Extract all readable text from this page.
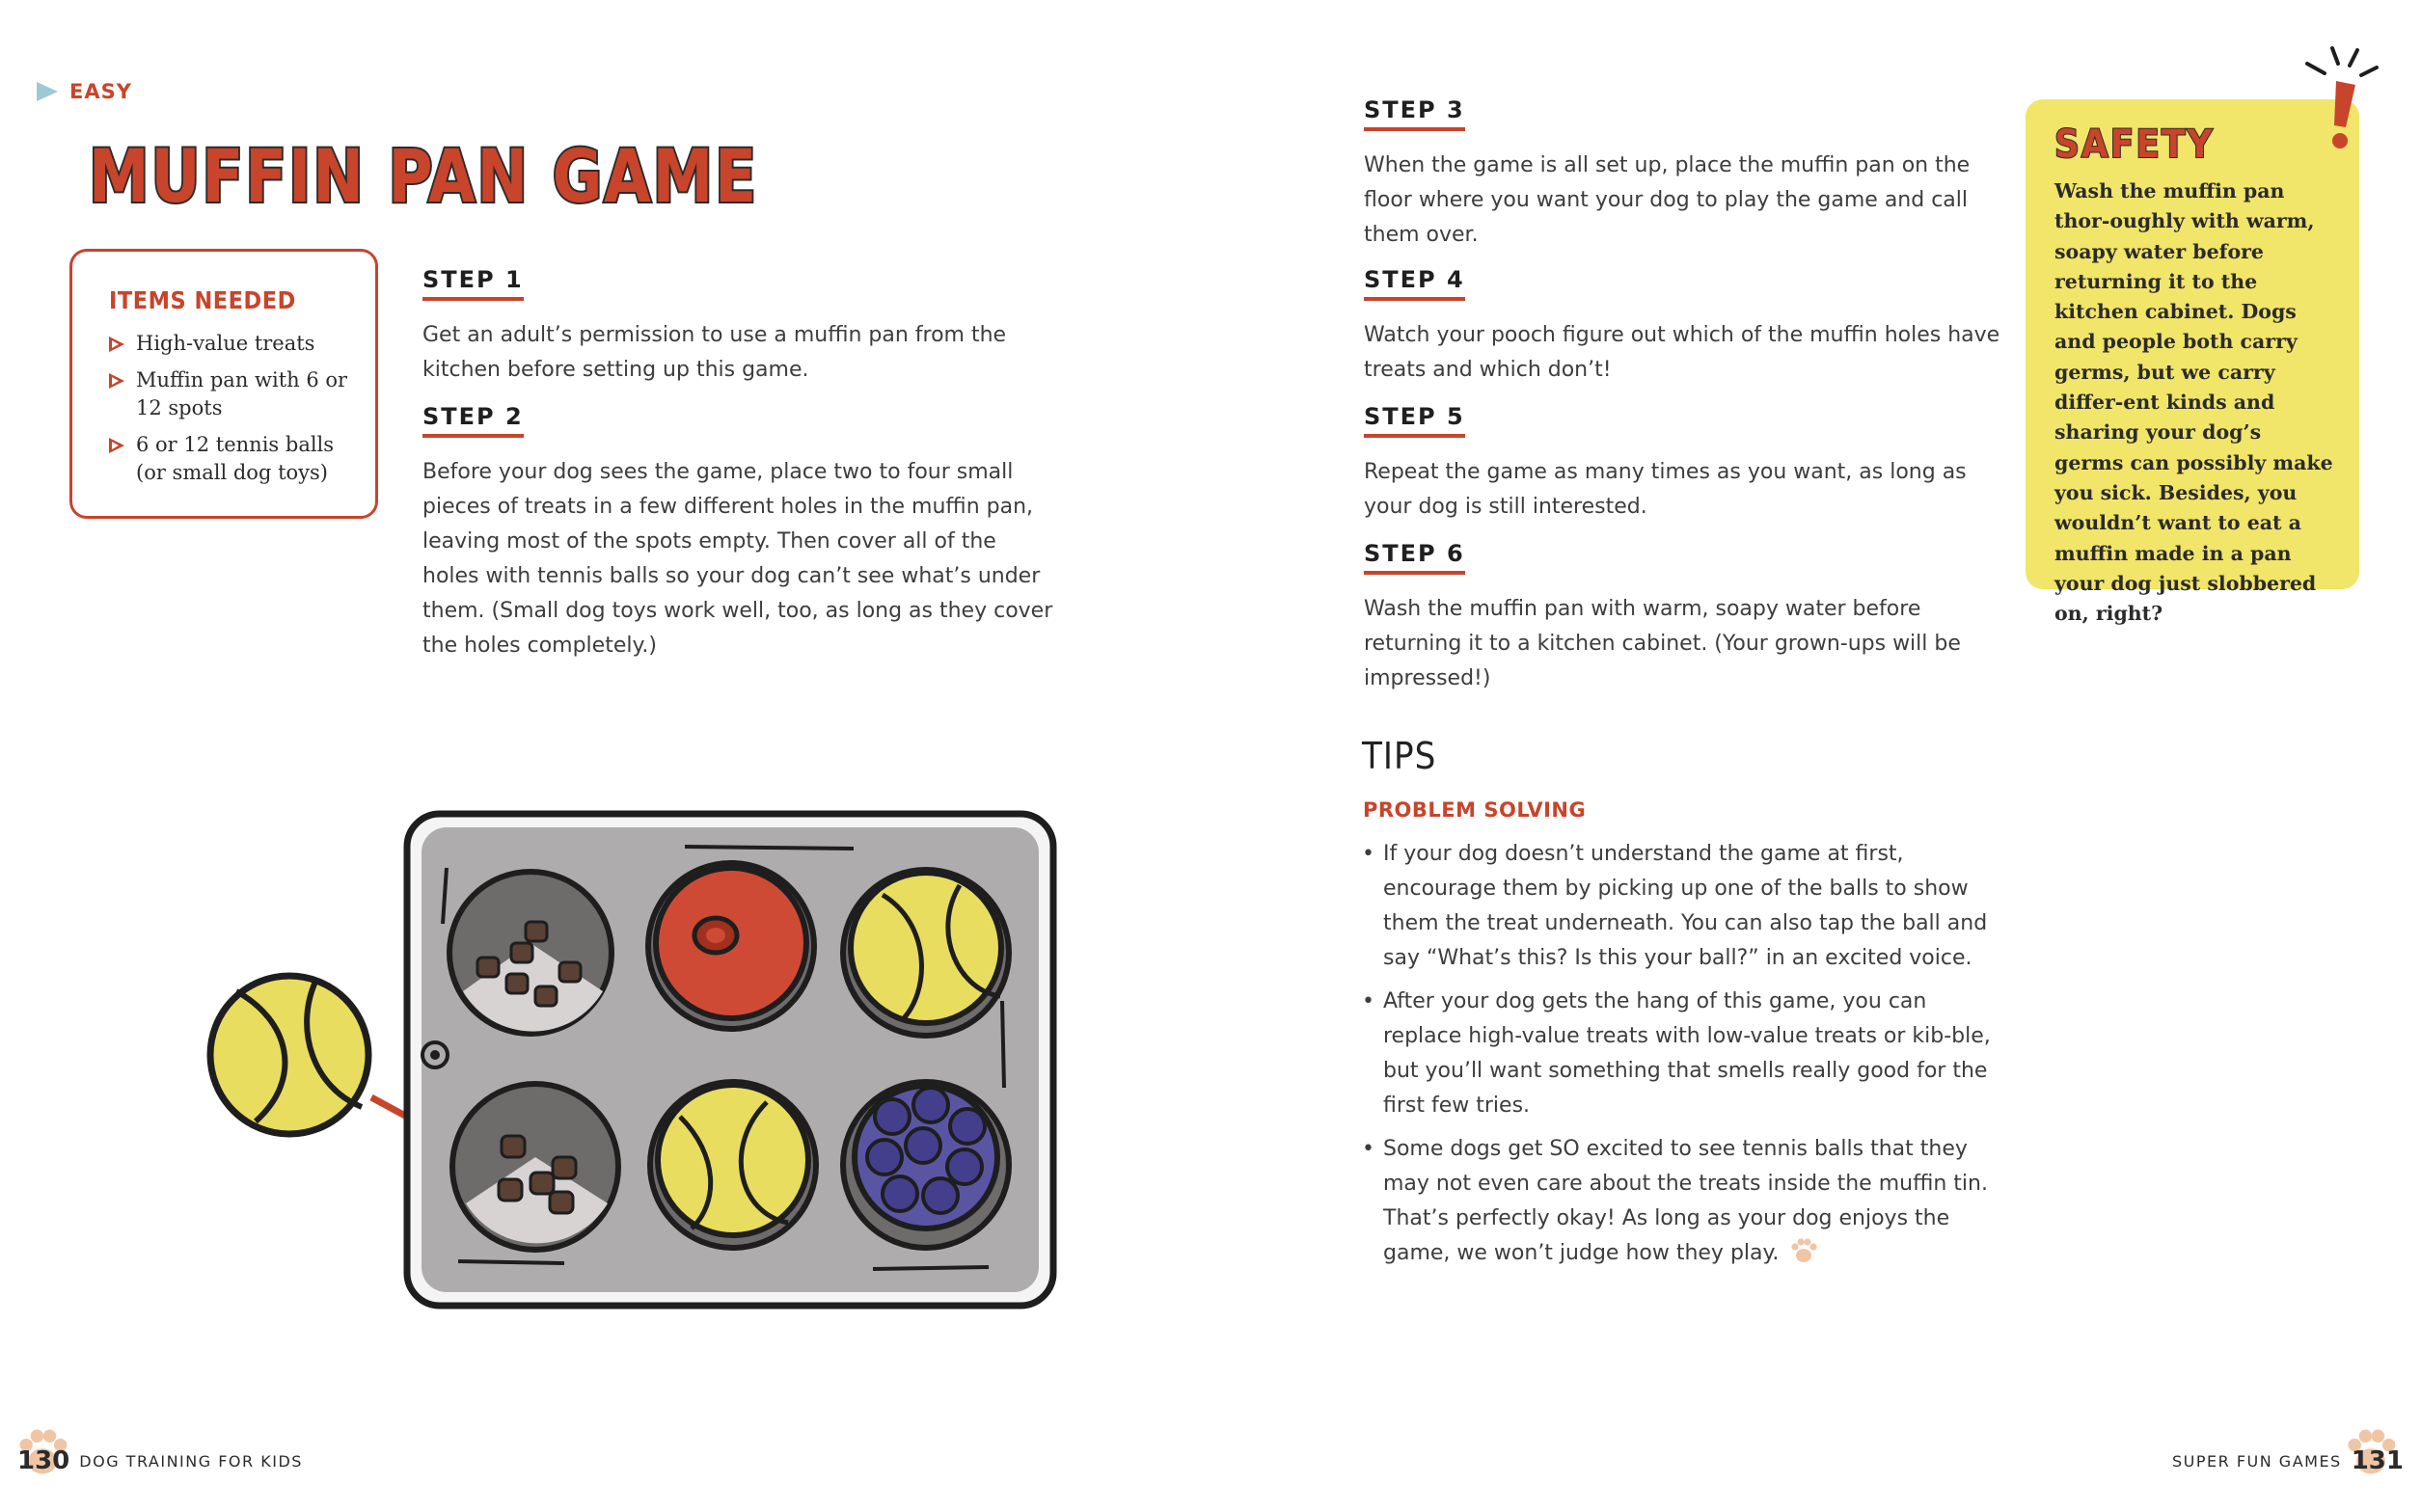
EASY
MUFFIN PAN GAME
ITEMS NEEDED
High-value treats
Muffin pan with 6 or 12 spots
6 or 12 tennis balls (or small dog toys)
STEP 1

Get an adult’s permission to use a muffin pan from the kitchen before setting up this game.

STEP 2

Before your dog sees the game, place two to four small pieces of treats in a few different holes in the muffin pan, leaving most of the spots empty. Then cover all of the holes with tennis balls so your dog can’t see what’s under them. (Small dog toys work well, too, as long as they cover the holes completely.)

STEP 3

When the game is all set up, place the muffin pan on the floor where you want your dog to play the game and call them over.

STEP 4

Watch your pooch figure out which of the muffin holes have treats and which don’t!

STEP 5

Repeat the game as many times as you want, as long as your dog is still interested.

STEP 6

Wash the muffin pan with warm, soapy water before returning it to a kitchen cabinet. (Your grown-ups will be impressed!)

TIPS
PROBLEM SOLVING
• If your dog doesn’t understand the game at first, encourage them by picking up one of the balls to show them the treat underneath. You can also tap the ball and say “What’s this? Is this your ball?” in an excited voice.
• After your dog gets the hang of this game, you can replace high-value treats with low-value treats or kib-ble, but you’ll want something that smells really good for the first few tries.
• Some dogs get SO excited to see tennis balls that they may not even care about the treats inside the muffin tin. That’s perfectly okay! As long as your dog enjoys the game, we won’t judge how they play.
SAFETY
Wash the muffin pan thor-oughly with warm, soapy water before returning it to the kitchen cabinet. Dogs and people both carry germs, but we carry differ-ent kinds and sharing your dog’s germs can possibly make you sick. Besides, you wouldn’t want to eat a muffin made in a pan your dog just slobbered on, right?
130 DOG TRAINING FOR KIDS	SUPER FUN GAMES 131
